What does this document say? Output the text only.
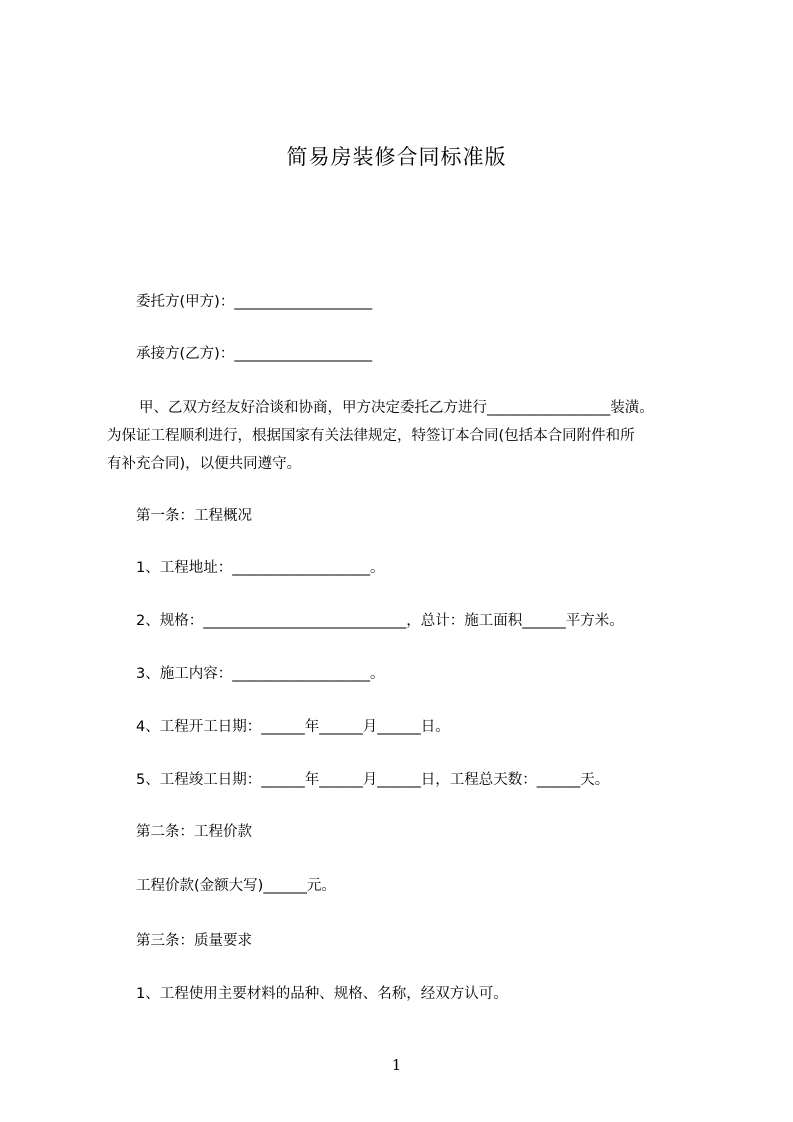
简易房装修合同标准版
委托方(甲方)：___________________
承接方(乙方)：___________________
甲、乙双方经友好洽谈和协商，甲方决定委托乙方进行_________________装潢。
为保证工程顺利进行，根据国家有关法律规定，特签订本合同(包括本合同附件和所
有补充合同)，以便共同遵守。
第一条：工程概况
1、工程地址：___________________。
2、规格：____________________________，总计：施工面积______平方米。
3、施工内容：___________________。
4、工程开工日期：______年______月______日。
5、工程竣工日期：______年______月______日，工程总天数：______天。
第二条：工程价款
工程价款(金额大写)______元。
第三条：质量要求
1、工程使用主要材料的品种、规格、名称，经双方认可。
1
